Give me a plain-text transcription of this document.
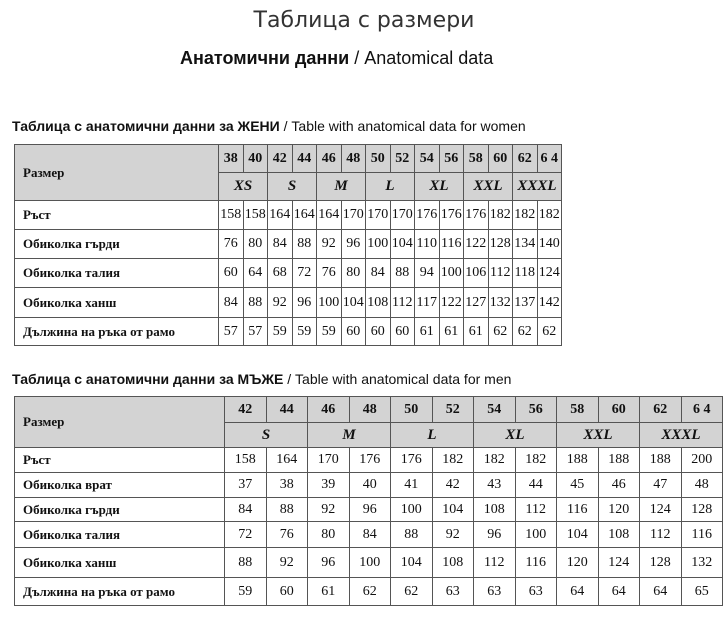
Таблица с размери
Анатомични данни / Anatomical data
Таблица с анатомични данни за ЖЕНИ / Table with anatomical data for women
Размер	38	40	42	44	46	48	50	52	54	56	58	60	62	6 4
	XS		S		M		L		XL		XXL		XXXL	
Ръст	158	158	164	164	164	170	170	170	176	176	176	182	182	182
Обиколка гърди	76	80	84	88	92	96	100	104	110	116	122	128	134	140
Обиколка талия	60	64	68	72	76	80	84	88	94	100	106	112	118	124
Обиколка ханш	84	88	92	96	100	104	108	112	117	122	127	132	137	142
Дължина на ръка от рамо	57	57	59	59	59	60	60	60	61	61	61	62	62	62
Таблица с анатомични данни за МЪЖЕ / Table with anatomical data for men
Размер	42	44	46	48	50	52	54	56	58	60	62	6 4
	S		M		L		XL		XXL		XXXL	
Ръст	158	164	170	176	176	182	182	182	188	188	188	200
Обиколка врат	37	38	39	40	41	42	43	44	45	46	47	48
Обиколка гърди	84	88	92	96	100	104	108	112	116	120	124	128
Обиколка талия	72	76	80	84	88	92	96	100	104	108	112	116
Обиколка ханш	88	92	96	100	104	108	112	116	120	124	128	132
Дължина на ръка от рамо	59	60	61	62	62	63	63	63	64	64	64	65
